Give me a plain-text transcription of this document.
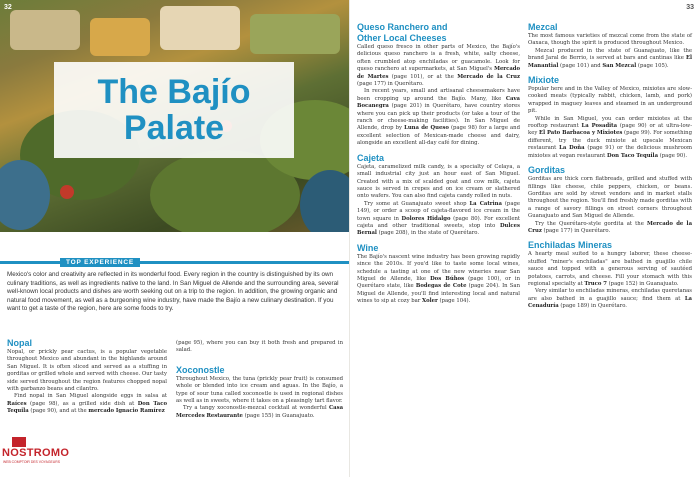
The Bajío
Palate
32
TOP EXPERIENCE

Mexico's color and creativity are reflected in its wonderful food. Every region in the country is distinguished by its own culinary traditions, as well as ingredients native to the land. In San Miguel de Allende and the surrounding area, several well-known local products and dishes are worth seeking out on a trip to the region. In addition, the growing organic and natural food movement, as well as a burgeoning wine industry, have made the Bajío a new culinary destination. If you want to get a taste of the region, here are some foods to try.

Nopal

Nopal, or prickly pear cactus, is a popular vegetable throughout Mexico and abundant in the highlands around San Miguel. It is often sliced and served as a stuffing in gorditas or grilled whole and served with cheese. Our tasty side served throughout the region features chopped nopal with garbanzo beans and cilantro.

Find nopal in San Miguel alongside eggs in salsa at Raíces (page 98), as a grilled side dish at Don Taco Tequila (page 90), and at the mercado Ignacio Ramírez

(page 95), where you can buy it both fresh and prepared in salad.

Xoconostle

Throughout Mexico, the tuna (prickly pear fruit) is consumed whole or blended into ice cream and aguas. In the Bajío, a type of sour tuna called xoconostle is used in regional dishes as well as in sweets, where it takes on a pleasingly tart flavor.

Try a tangy xoconostle-mezcal cocktail at wonderful Casa Mercedes Restaurante (page 155) in Guanajuato.

NOSTROMO
WEB COMPTOIR DES VOYAGEURS
33
Queso Ranchero and
Other Local Cheeses

Called queso fresco in other parts of Mexico, the Bajío's delicious queso ranchero is a fresh, white, salty cheese, often crumbled atop enchiladas or guacamole. Look for queso ranchero at supermarkets, at San Miguel's Mercado de Martes (page 101), or at the Mercado de la Cruz (page 177) in Querétaro.

In recent years, small and artisanal cheesemakers have been cropping up around the Bajío. Many, like Cava Bocanegra (page 201) in Querétaro, have country stores where you can pick up their products (or take a tour of the ranch or cheese-making facilities). In San Miguel de Allende, drop by Luna de Queso (page 98) for a large and excellent selection of Mexican-made cheese and dairy, alongside an excellent all-day café for dining.

Cajeta

Cajeta, caramelized milk candy, is a specialty of Celaya, a small industrial city just an hour east of San Miguel. Created with a mix of scalded goat and cow milk, cajeta sauce is served in crepes and on ice cream or slathered onto wafers. You can also find cajeta candy rolled in nuts.

Try some at Guanajuato sweet shop La Catrina (page 149), or order a scoop of cajeta-flavored ice cream in the town square in Dolores Hidalgo (page 80). For excellent cajeta and other traditional sweets, stop into Dulces Bernal (page 208), in the state of Querétaro.

Wine

The Bajío's nascent wine industry has been growing rapidly since the 2010s. If you'd like to taste some local wines, schedule a tasting at one of the new wineries near San Miguel de Allende, like Dos Búhos (page 100), or in Querétaro state, like Bodegas de Cote (page 204). In San Miguel de Allende, you'll find interesting local and natural wines to sip at cozy bar Xoler (page 104).

Mezcal

The most famous varieties of mezcal come from the state of Oaxaca, though the spirit is produced throughout Mexico.

Mezcal produced in the state of Guanajuato, like the brand Jaral de Berrio, is served at bars and cantinas like El Manantial (page 101) and San Mezcal (page 105).

Mixiote

Popular here and in the Valley of Mexico, mixiotes are slow-cooked meats (typically rabbit, chicken, lamb, and pork) wrapped in maguey leaves and steamed in an underground pit.

While in San Miguel, you can order mixiotes at the rooftop restaurant La Posadita (page 90) or at ultra-low-key El Pato Barbacoa y Mixiotes (page 99). For something different, try the duck mixiote at upscale Mexican restaurant La Doña (page 91) or the delicious mushroom mixiotes at vegan restaurant Don Taco Tequila (page 90).

Gorditas

Gorditas are thick corn flatbreads, grilled and stuffed with fillings like cheese, chile peppers, chicken, or beans. Gorditas are sold by street vendors and in market stalls throughout the region. You'll find freshly made gorditas with a range of savory fillings on street corners throughout Guanajuato and San Miguel de Allende.

Try the Querétaro-style gordita at the Mercado de la Cruz (page 177) in Querétaro.

Enchiladas Mineras

A hearty meal suited to a hungry laborer, these cheese-stuffed "miner's enchiladas" are bathed in guajillo chile sauce and topped with a generous serving of sautéed potatoes, carrots, and cheese. Fill your stomach with this regional specialty at Truco 7 (page 152) in Guanajuato.

Very similar to enchiladas mineras, enchiladas queretanas are also bathed in a guajillo sauce; find them at La Cenaduría (page 189) in Querétaro.
